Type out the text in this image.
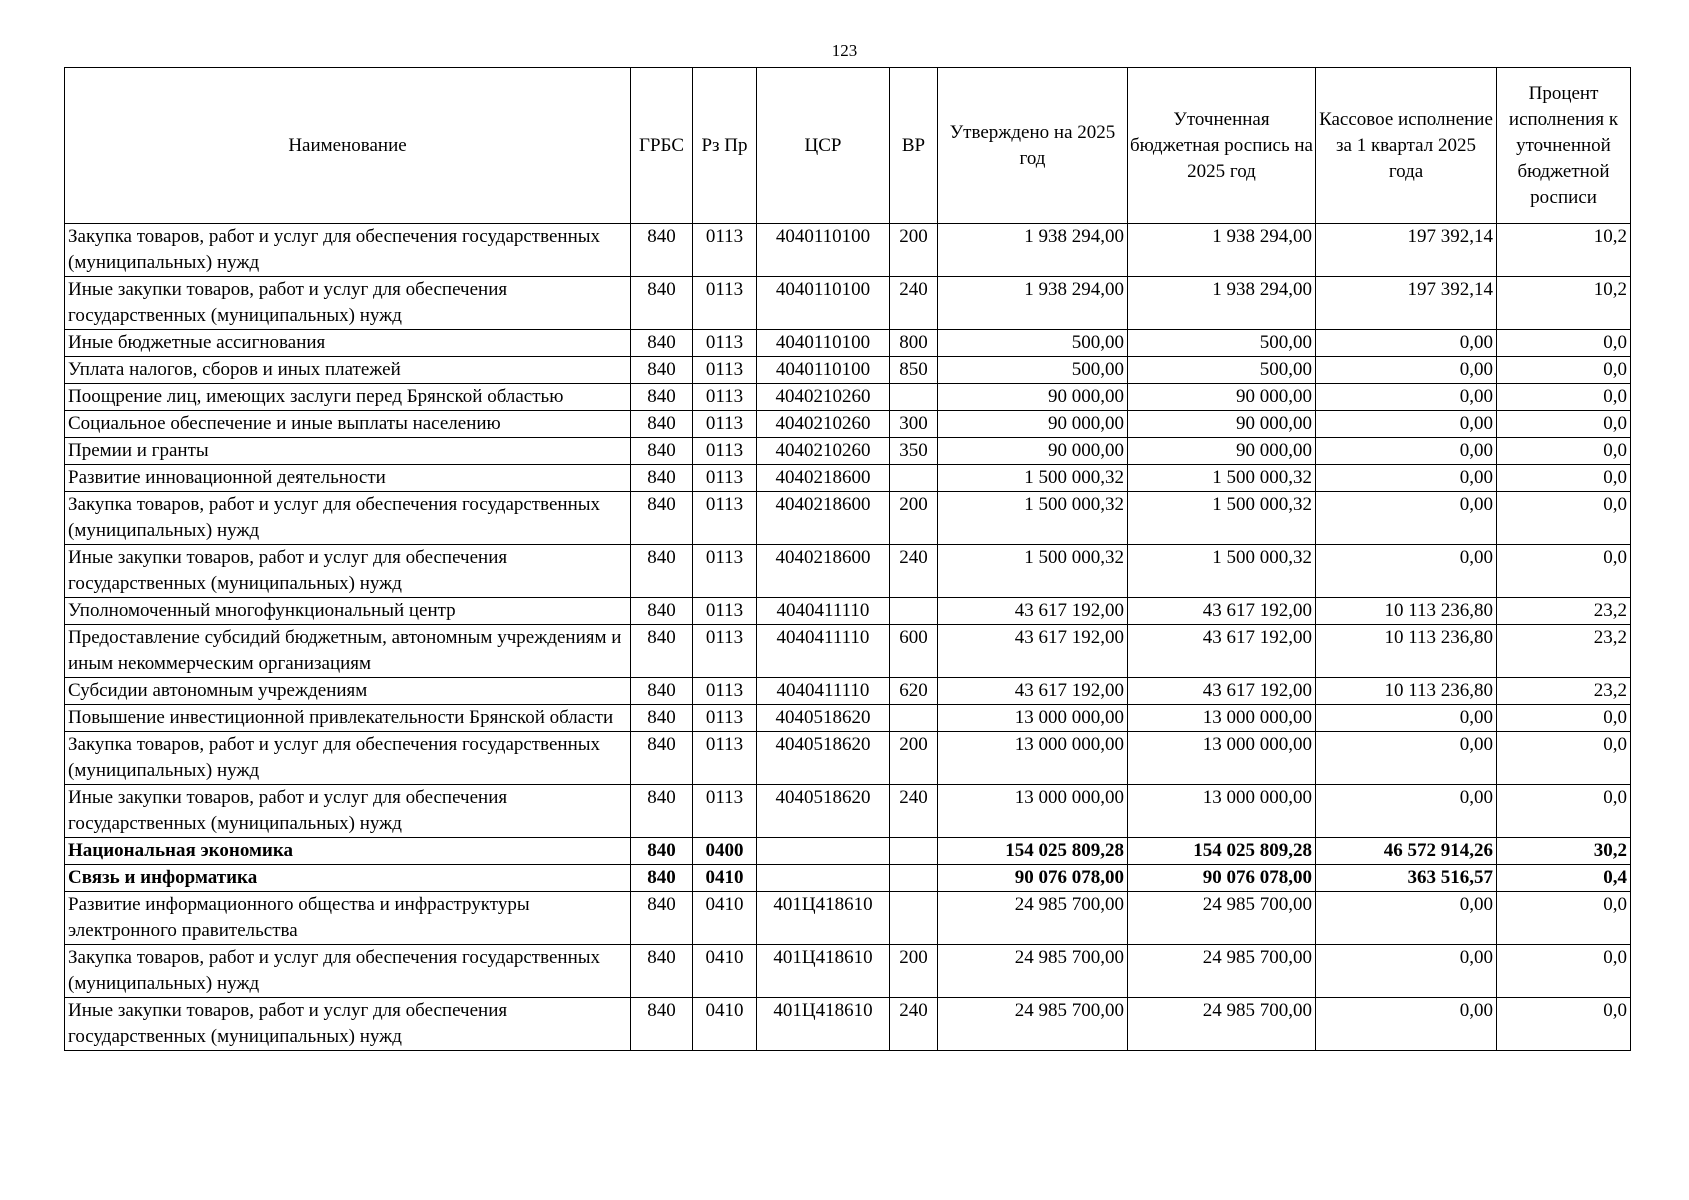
123
Наименование	ГРБС	Рз Пр	ЦСР	ВР	Утверждено на 2025 год	Уточненная бюджетная роспись на 2025 год	Кассовое исполнение за 1 квартал 2025 года	Процент исполнения к уточненной бюджетной росписи
Закупка товаров, работ и услуг для обеспечения государственных (муниципальных) нужд	840	0113	4040110100	200	1 938 294,00	1 938 294,00	197 392,14	10,2
Иные закупки товаров, работ и услуг для обеспечения государственных (муниципальных) нужд	840	0113	4040110100	240	1 938 294,00	1 938 294,00	197 392,14	10,2
Иные бюджетные ассигнования	840	0113	4040110100	800	500,00	500,00	0,00	0,0
Уплата налогов, сборов и иных платежей	840	0113	4040110100	850	500,00	500,00	0,00	0,0
Поощрение лиц, имеющих заслуги перед Брянской областью	840	0113	4040210260		90 000,00	90 000,00	0,00	0,0
Социальное обеспечение и иные выплаты населению	840	0113	4040210260	300	90 000,00	90 000,00	0,00	0,0
Премии и гранты	840	0113	4040210260	350	90 000,00	90 000,00	0,00	0,0
Развитие инновационной деятельности	840	0113	4040218600		1 500 000,32	1 500 000,32	0,00	0,0
Закупка товаров, работ и услуг для обеспечения государственных (муниципальных) нужд	840	0113	4040218600	200	1 500 000,32	1 500 000,32	0,00	0,0
Иные закупки товаров, работ и услуг для обеспечения государственных (муниципальных) нужд	840	0113	4040218600	240	1 500 000,32	1 500 000,32	0,00	0,0
Уполномоченный многофункциональный центр	840	0113	4040411110		43 617 192,00	43 617 192,00	10 113 236,80	23,2
Предоставление субсидий бюджетным, автономным учреждениям и иным некоммерческим организациям	840	0113	4040411110	600	43 617 192,00	43 617 192,00	10 113 236,80	23,2
Субсидии автономным учреждениям	840	0113	4040411110	620	43 617 192,00	43 617 192,00	10 113 236,80	23,2
Повышение инвестиционной привлекательности Брянской области	840	0113	4040518620		13 000 000,00	13 000 000,00	0,00	0,0
Закупка товаров, работ и услуг для обеспечения государственных (муниципальных) нужд	840	0113	4040518620	200	13 000 000,00	13 000 000,00	0,00	0,0
Иные закупки товаров, работ и услуг для обеспечения государственных (муниципальных) нужд	840	0113	4040518620	240	13 000 000,00	13 000 000,00	0,00	0,0
Национальная экономика	840	0400			154 025 809,28	154 025 809,28	46 572 914,26	30,2
Связь и информатика	840	0410			90 076 078,00	90 076 078,00	363 516,57	0,4
Развитие информационного общества и инфраструктуры электронного правительства	840	0410	401Ц418610		24 985 700,00	24 985 700,00	0,00	0,0
Закупка товаров, работ и услуг для обеспечения государственных (муниципальных) нужд	840	0410	401Ц418610	200	24 985 700,00	24 985 700,00	0,00	0,0
Иные закупки товаров, работ и услуг для обеспечения государственных (муниципальных) нужд	840	0410	401Ц418610	240	24 985 700,00	24 985 700,00	0,00	0,0
